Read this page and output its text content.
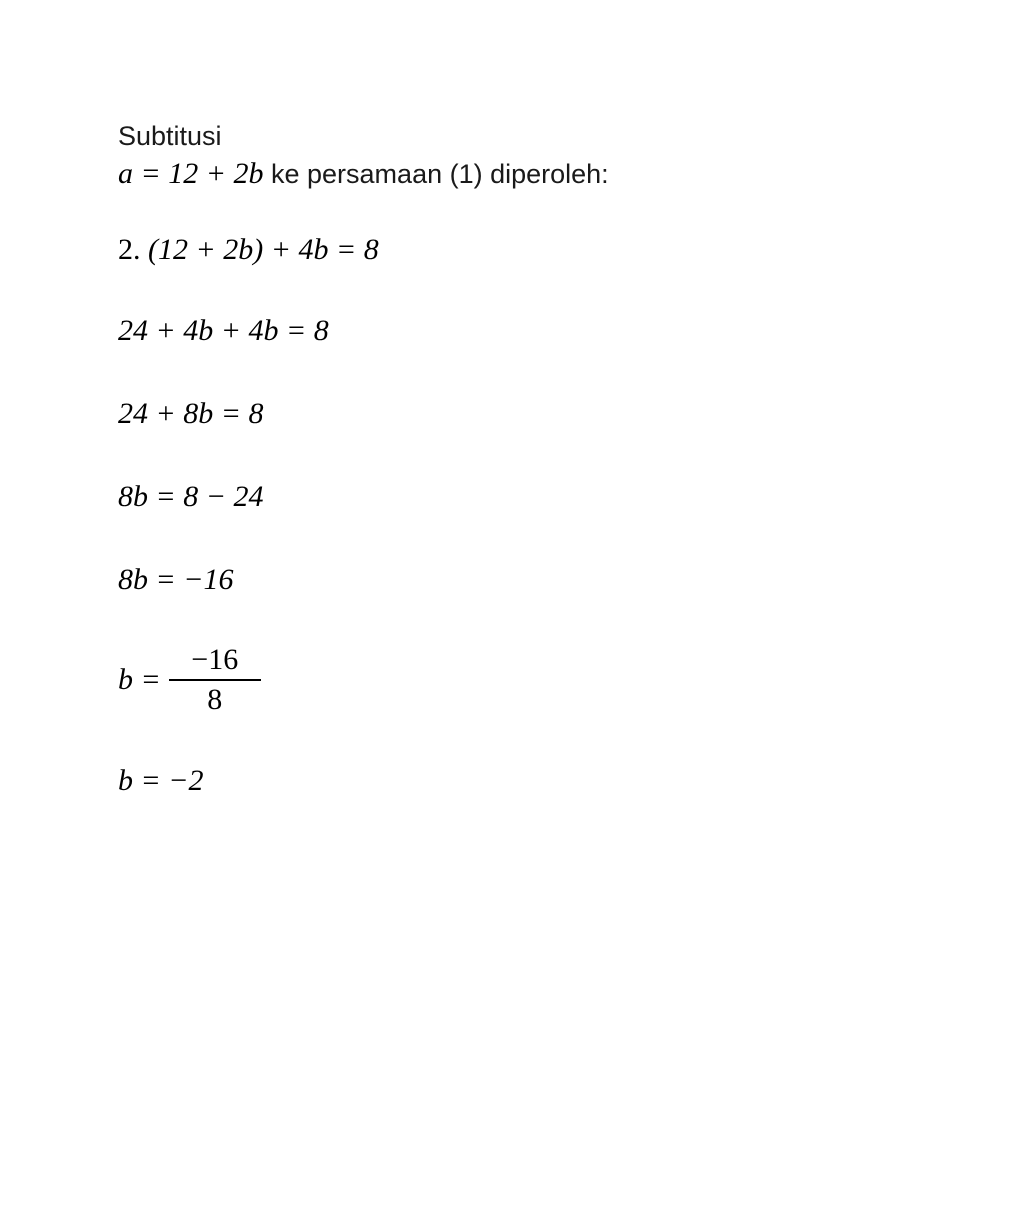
Subtitusi
a = 12 + 2b ke persamaan (1) diperoleh:
2. (12 + 2b) + 4b = 8
24 + 4b + 4b = 8
24 + 8b = 8
8b = 8 − 24
8b = −16
$b = \frac{-16}{8}$
b = −2
